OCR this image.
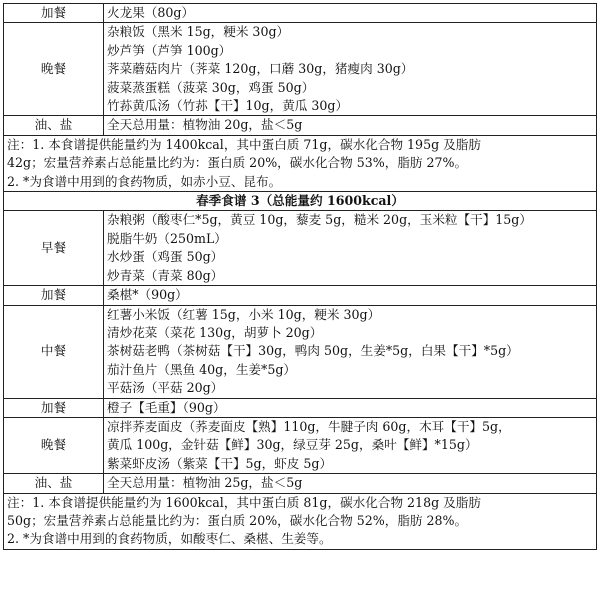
加餐	火龙果（80g）
晚餐	杂粮饭（黑米 15g，粳米 30g）
炒芦笋（芦笋 100g）
荠菜蘑菇肉片（荠菜 120g，口蘑 30g，猪瘦肉 30g）
菠菜蒸蛋糕（菠菜 30g，鸡蛋 50g）
竹荪黄瓜汤（竹荪【干】10g，黄瓜 30g）

油、盐	全天总用量：植物油 20g，盐＜5g

注：1. 本食谱提供能量约为 1400kcal，其中蛋白质 71g，碳水化合物 195g 及脂肪
42g；宏量营养素占总能量比约为：蛋白质 20%，碳水化合物 53%，脂肪 27%。
2. *为食谱中用到的食药物质，如赤小豆、昆布。	

春季食谱 3（总能量约 1600kcal）	
早餐	杂粮粥（酸枣仁*5g，黄豆 10g，藜麦 5g，糙米 20g，玉米粒【干】15g）
脱脂牛奶（250mL）
水炒蛋（鸡蛋 50g）
炒青菜（青菜 80g）

加餐	桑椹*（90g）
中餐	红薯小米饭（红薯 15g，小米 10g，粳米 30g）
清炒花菜（菜花 130g，胡萝卜 20g）
茶树菇老鸭（茶树菇【干】30g，鸭肉 50g，生姜*5g，白果【干】*5g）
茄汁鱼片（黑鱼 40g，生姜*5g）
平菇汤（平菇 20g）

加餐	橙子【毛重】（90g）
晚餐	凉拌荞麦面皮（荞麦面皮【熟】110g，牛腱子肉 60g，木耳【干】5g，
黄瓜 100g，金针菇【鲜】30g，绿豆芽 25g，桑叶【鲜】*15g）
紫菜虾皮汤（紫菜【干】5g，虾皮 5g）

油、盐	全天总用量：植物油 25g，盐＜5g

注：1. 本食谱提供能量约为 1600kcal，其中蛋白质 81g，碳水化合物 218g 及脂肪
50g；宏量营养素占总能量比约为：蛋白质 20%，碳水化合物 52%，脂肪 28%。
2. *为食谱中用到的食药物质，如酸枣仁、桑椹、生姜等。	
